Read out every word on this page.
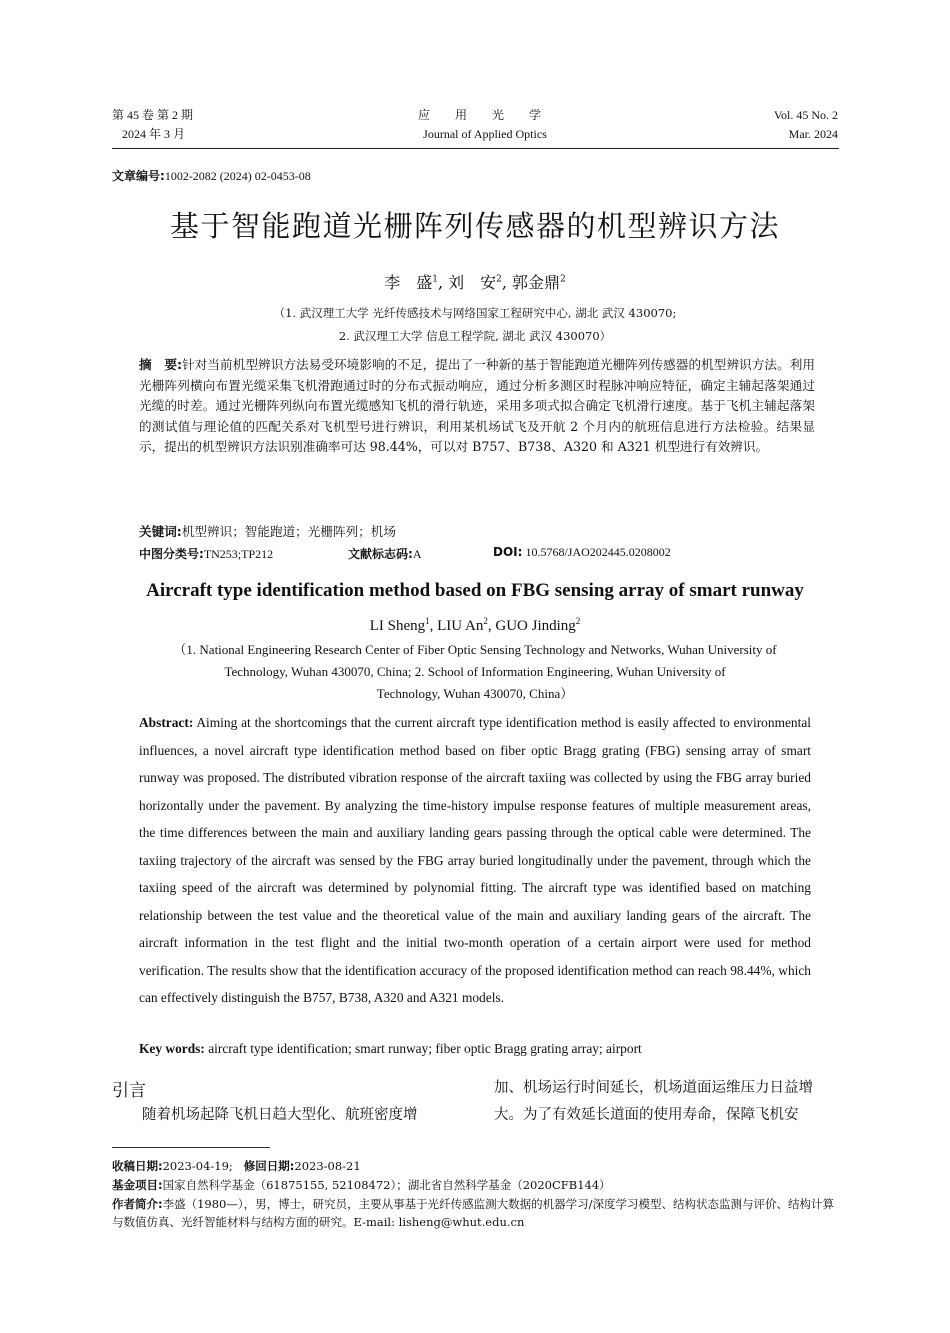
第 45 卷 第 2 期
2024 年 3 月
应 用 光 学
Journal of Applied Optics
Vol. 45 No. 2
Mar. 2024
文章编号:1002-2082 (2024) 02-0453-08
基于智能跑道光栅阵列传感器的机型辨识方法
李　盛$^1$, 刘　安$^2$, 郭金鼎$^2$
（1. 武汉理工大学 光纤传感技术与网络国家工程研究中心, 湖北 武汉 430070;
2. 武汉理工大学 信息工程学院, 湖北 武汉 430070）
摘　要:针对当前机型辨识方法易受环境影响的不足，提出了一种新的基于智能跑道光栅阵列传感器的机型辨识方法。利用光栅阵列横向布置光缆采集飞机滑跑通过时的分布式振动响应，通过分析多测区时程脉冲响应特征，确定主辅起落架通过光缆的时差。通过光栅阵列纵向布置光缆感知飞机的滑行轨迹，采用多项式拟合确定飞机滑行速度。基于飞机主辅起落架的测试值与理论值的匹配关系对飞机型号进行辨识，利用某机场试飞及开航 2 个月内的航班信息进行方法检验。结果显示，提出的机型辨识方法识别准确率可达 98.44%，可以对 B757、B738、A320 和 A321 机型进行有效辨识。
关键词:机型辨识；智能跑道；光栅阵列；机场
中图分类号:TN253;TP212	文献标志码:A	DOI: 10.5768/JAO202445.0208002
Aircraft type identification method based on FBG sensing array of smart runway
LI Sheng$^1$, LIU An$^2$, GUO Jinding$^2$
（1. National Engineering Research Center of Fiber Optic Sensing Technology and Networks, Wuhan University of
Technology, Wuhan 430070, China; 2. School of Information Engineering, Wuhan University of
Technology, Wuhan 430070, China）
Abstract: Aiming at the shortcomings that the current aircraft type identification method is easily affected to environmental influences, a novel aircraft type identification method based on fiber optic Bragg grating (FBG) sensing array of smart runway was proposed. The distributed vibration response of the aircraft taxiing was collected by using the FBG array buried horizontally under the pavement. By analyzing the time-history impulse response features of multiple measurement areas, the time differences between the main and auxiliary landing gears passing through the optical cable were determined. The taxiing trajectory of the aircraft was sensed by the FBG array buried longitudinally under the pavement, through which the taxiing speed of the aircraft was determined by polynomial fitting. The aircraft type was identified based on matching relationship between the test value and the theoretical value of the main and auxiliary landing gears of the aircraft. The aircraft information in the test flight and the initial two-month operation of a certain airport were used for method verification. The results show that the identification accuracy of the proposed identification method can reach 98.44%, which can effectively distinguish the B757, B738, A320 and A321 models.
Key words: aircraft type identification; smart runway; fiber optic Bragg grating array; airport
引言
随着机场起降飞机日趋大型化、航班密度增
加、机场运行时间延长，机场道面运维压力日益增
大。为了有效延长道面的使用寿命，保障飞机安
收稿日期:2023-04-19; 修回日期:2023-08-21
基金项目:国家自然科学基金（61875155, 52108472）；湖北省自然科学基金（2020CFB144）
作者简介:李盛（1980—），男，博士，研究员，主要从事基于光纤传感监测大数据的机器学习/深度学习模型、结构状态监测与评价、结构计算与数值仿真、光纤智能材料与结构方面的研究。E-mail: lisheng@whut.edu.cn
